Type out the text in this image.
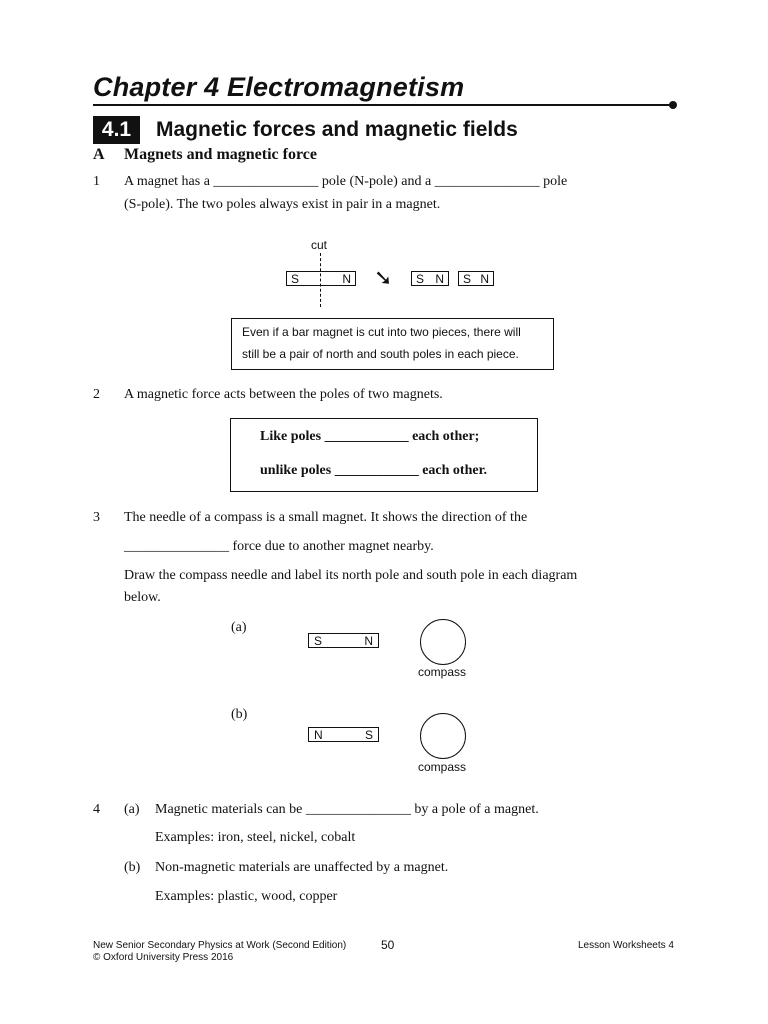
Chapter 4 Electromagnetism
4.1	Magnetic forces and magnetic fields
A Magnets and magnetic force
1 A magnet has a _______________ pole (N-pole) and a _______________ pole
(S-pole). The two poles always exist in pair in a magnet.
cut
S	N ➘ S N S N
Even if a bar magnet is cut into two pieces, there will
still be a pair of north and south poles in each piece.
2 A magnetic force acts between the poles of two magnets.
Like poles ____________ each other;
unlike poles ____________ each other.
3 The needle of a compass is a small magnet. It shows the direction of the
_______________ force due to another magnet nearby.
Draw the compass needle and label its north pole and south pole in each diagram
below.
(a)
S	N
compass
(b)
N	S
compass
4 (a) Magnetic materials can be _______________ by a pole of a magnet.
Examples: iron, steel, nickel, cobalt
(b) Non-magnetic materials are unaffected by a magnet.
Examples: plastic, wood, copper
New Senior Secondary Physics at Work (Second Edition)
© Oxford University Press 2016
50	Lesson Worksheets 4
